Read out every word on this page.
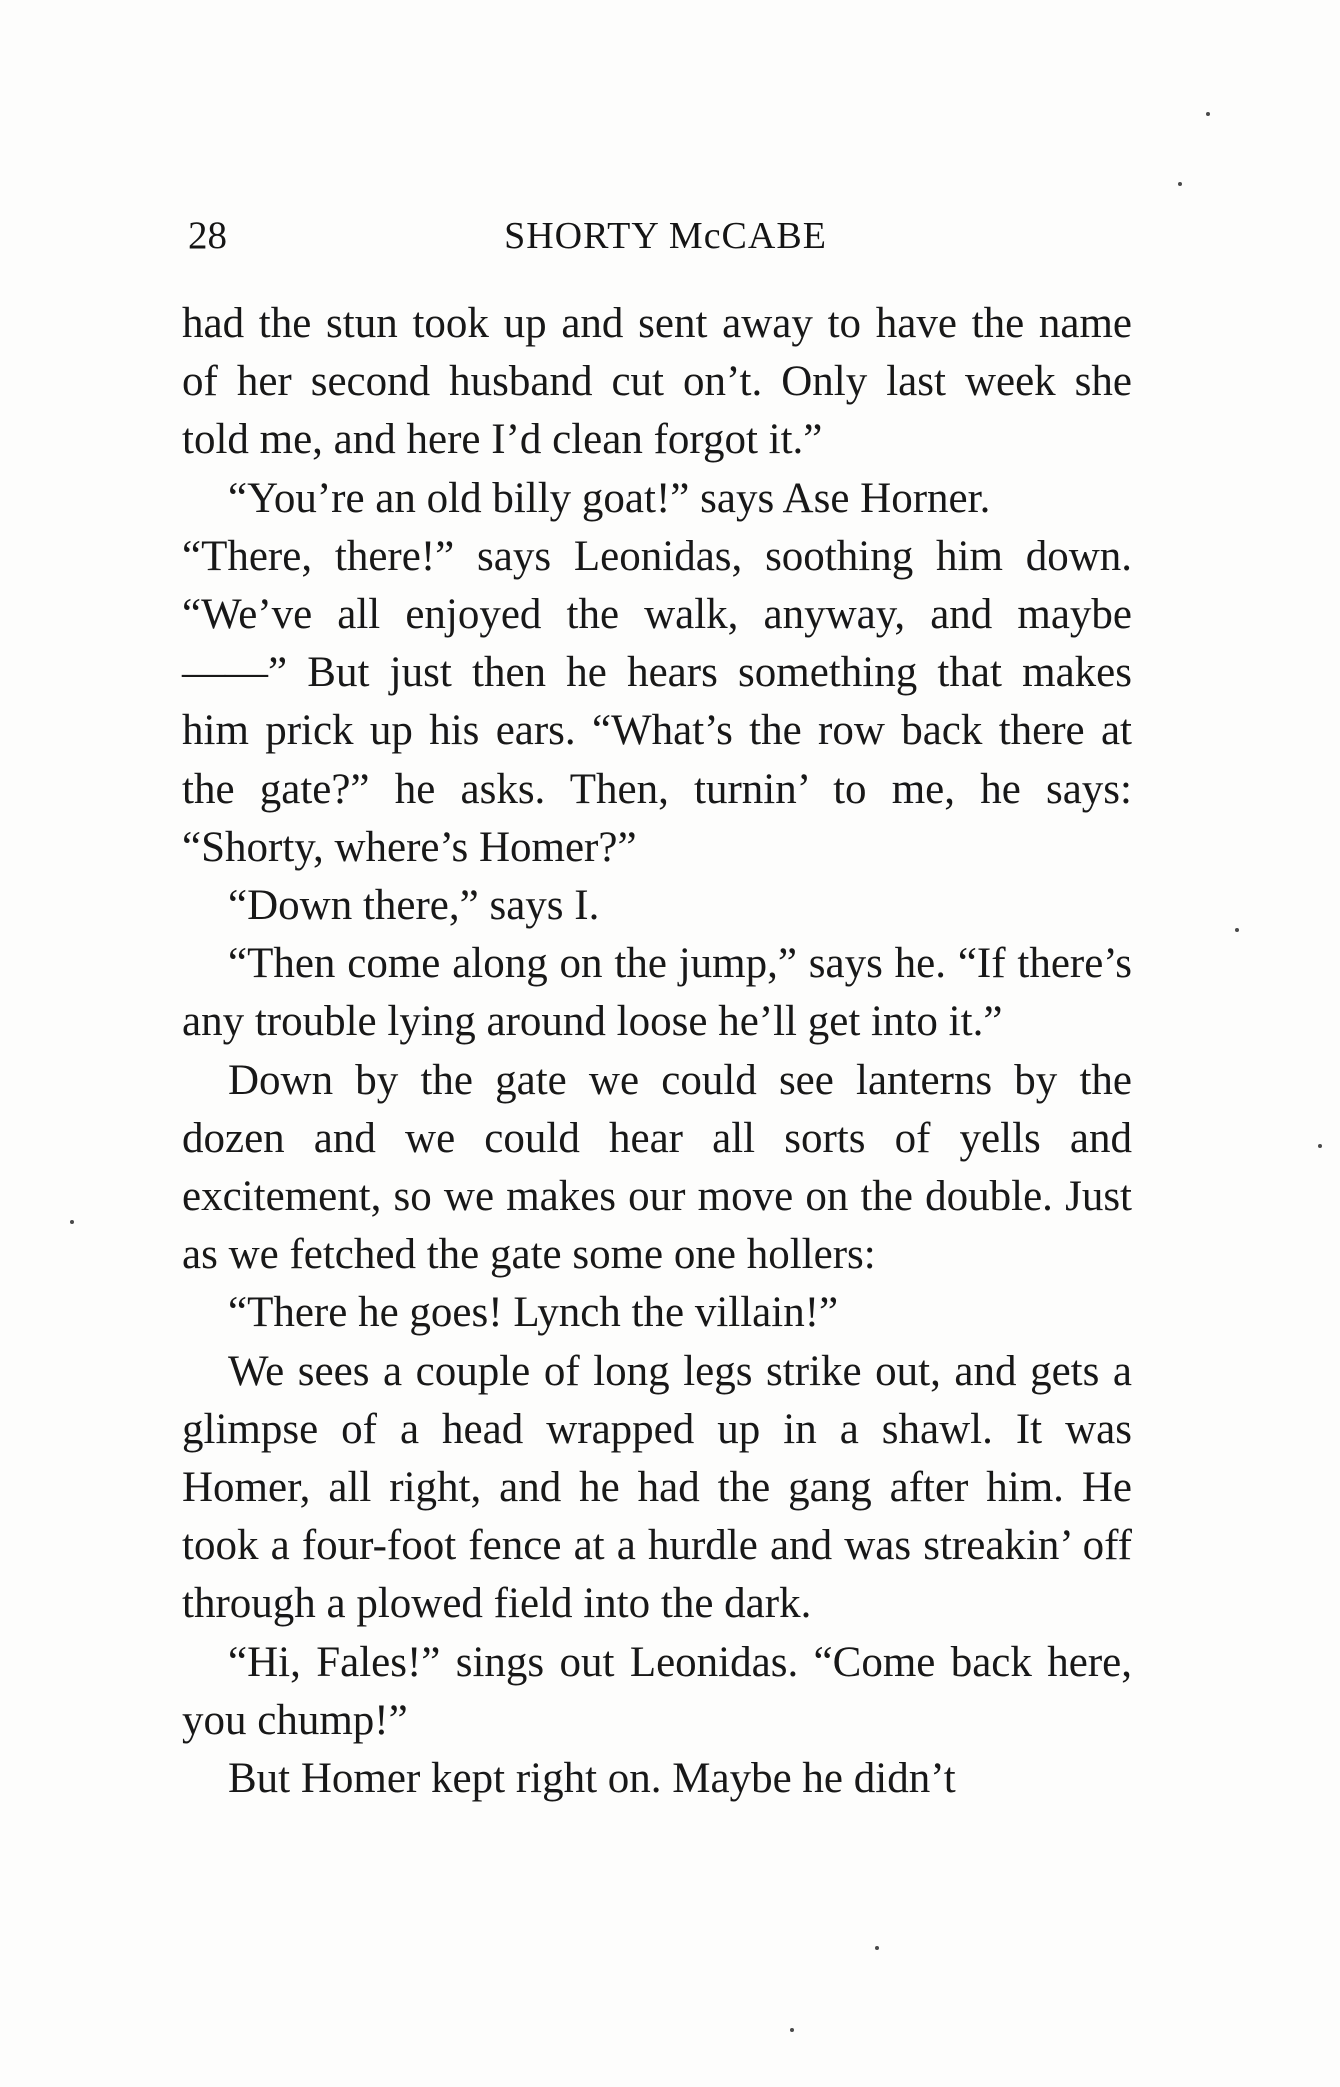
28	SHORTY McCABE

had the stun took up and sent away to have the name of her second husband cut on’t. Only last week she told me, and here I’d clean forgot it.”

“You’re an old billy goat!” says Ase Horner.

“There, there!” says Leonidas, soothing him down. “We’ve all enjoyed the walk, anyway, and maybe——” But just then he hears something that makes him prick up his ears. “What’s the row back there at the gate?” he asks. Then, turnin’ to me, he says: “Shorty, where’s Homer?”

“Down there,” says I.

“Then come along on the jump,” says he. “If there’s any trouble lying around loose he’ll get into it.”

Down by the gate we could see lanterns by the dozen and we could hear all sorts of yells and excitement, so we makes our move on the double. Just as we fetched the gate some one hollers:

“There he goes! Lynch the villain!”

We sees a couple of long legs strike out, and gets a glimpse of a head wrapped up in a shawl. It was Homer, all right, and he had the gang after him. He took a four-foot fence at a hurdle and was streakin’ off through a plowed field into the dark.

“Hi, Fales!” sings out Leonidas. “Come back here, you chump!”

But Homer kept right on. Maybe he didn’t
